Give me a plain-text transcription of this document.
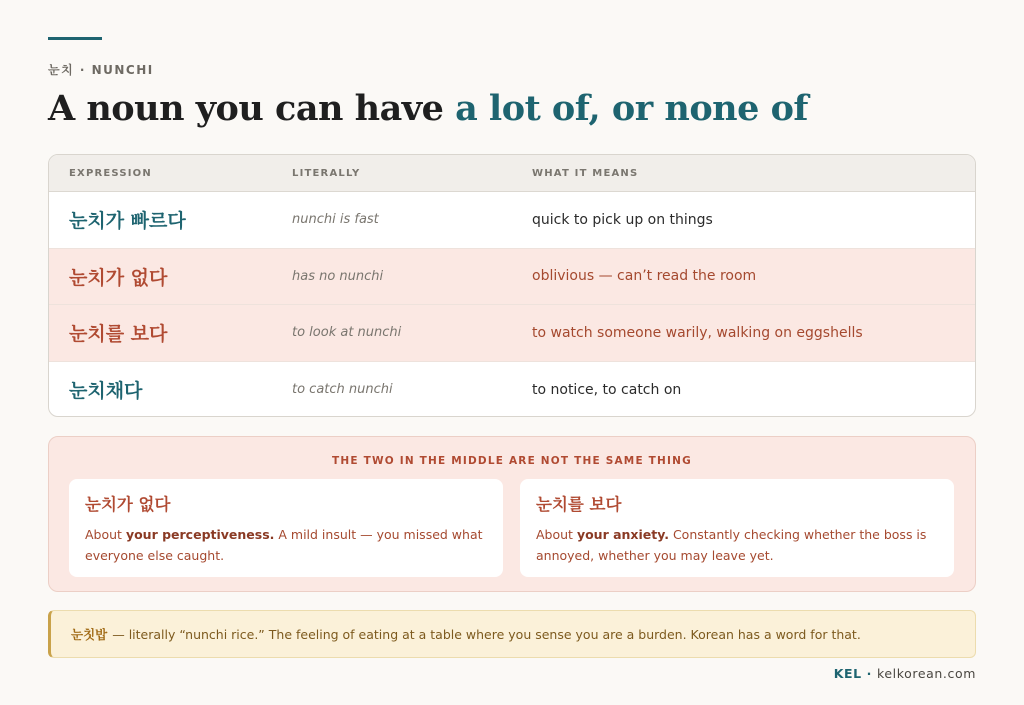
눈치 · NUNCHI
A noun you can have a lot of, or none of
EXPRESSION	LITERALLY	WHAT IT MEANS
눈치가 빠르다	nunchi is fast	quick to pick up on things
눈치가 없다	has no nunchi	oblivious — can’t read the room
눈치를 보다	to look at nunchi	to watch someone warily, walking on eggshells
눈치채다	to catch nunchi	to notice, to catch on
THE TWO IN THE MIDDLE ARE NOT THE SAME THING
눈치가 없다
About your perceptiveness. A mild insult — you missed what everyone else caught.
눈치를 보다
About your anxiety. Constantly checking whether the boss is annoyed, whether you may leave yet.
눈칫밥 — literally “nunchi rice.” The feeling of eating at a table where you sense you are a burden. Korean has a word for that.
KEL · kelkorean.com
